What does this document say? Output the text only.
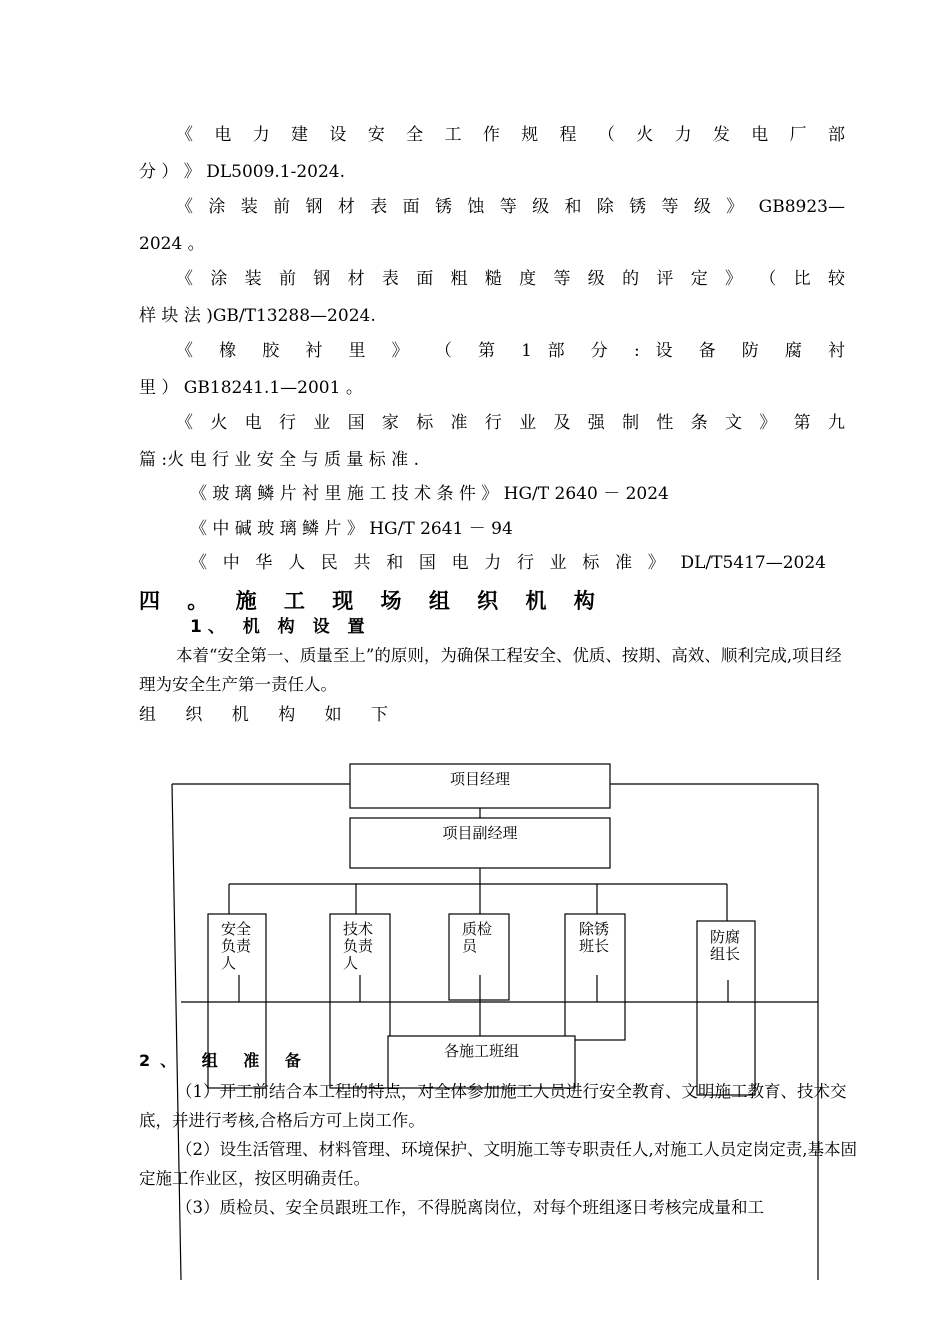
《 电 力 建 设 安 全 工 作 规 程 （ 火 力 发 电 厂 部
分 ） 》 DL5009.1-2024.
《 涂 装 前 钢 材 表 面 锈 蚀 等 级 和 除 锈 等 级 》 GB8923—
2024 。
《 涂 装 前 钢 材 表 面 粗 糙 度 等 级 的 评 定 》 （ 比 较
样 块 法 )GB/T13288—2024.
《 橡 胶 衬 里 》 （ 第 1 部 分 : 设 备 防 腐 衬
里 ） GB18241.1—2001 。
《 火 电 行 业 国 家 标 准 行 业 及 强 制 性 条 文 》 第 九
篇 :火 电 行 业 安 全 与 质 量 标 准 .
《 玻 璃 鳞 片 衬 里 施 工 技 术 条 件 》 HG/T 2640 － 2024
《 中 碱 玻 璃 鳞 片 》 HG/T 2641 － 94
《 中 华 人 民 共 和 国 电 力 行 业 标 准 》 DL/T5417—2024
四 。 施 工 现 场 组 织 机 构
1、 机 构 设 置
本着“安全第一、质量至上”的原则，为确保工程安全、优质、按期、高效、顺利完成,项目经理为安全生产第一责任人。
组 织 机 构 如 下
项目经理
项目副经理
安全负责人
技术负责人
质检员
除锈班长	防腐组长
各施工班组
2、 组 准 备
（1）开工前结合本工程的特点，对全体参加施工人员进行安全教育、文明施工教育、技术交底，并进行考核,合格后方可上岗工作。
（2）设生活管理、材料管理、环境保护、文明施工等专职责任人,对施工人员定岗定责,基本固定施工作业区，按区明确责任。
（3）质检员、安全员跟班工作，不得脱离岗位，对每个班组逐日考核完成量和工
